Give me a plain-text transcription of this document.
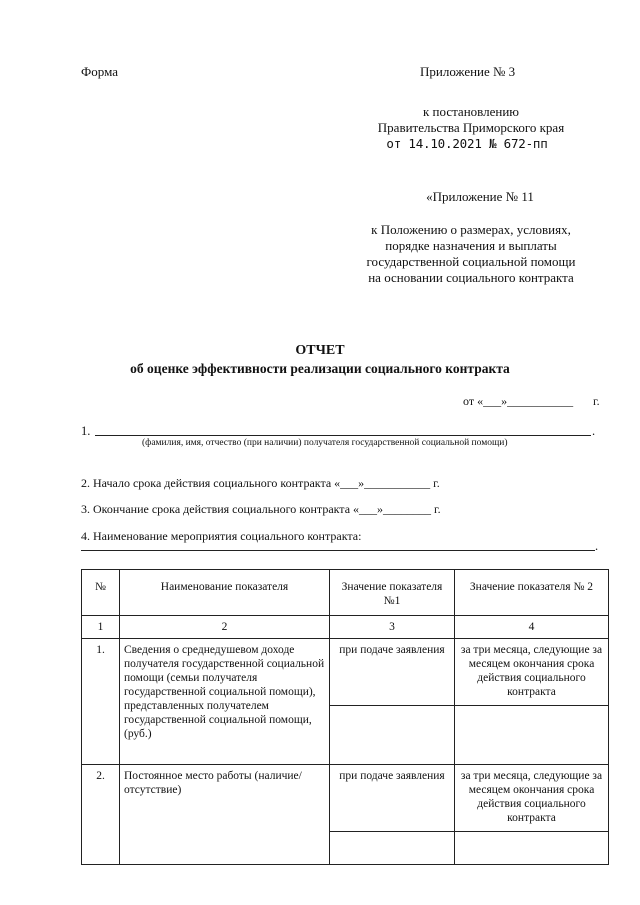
Форма	Приложение № 3
к постановлению
Правительства Приморского края
от 14.10.2021 № 672-пп
«Приложение № 11
к Положению о размерах, условиях,
порядке назначения и выплаты
государственной социальной помощи
на основании социального контракта
ОТЧЕТ
об оценке эффективности реализации социального контракта
от «___»___________ г.
1.	.
(фамилия, имя, отчество (при наличии) получателя государственной социальной помощи)
2. Начало срока действия социального контракта «___»___________ г.
3. Окончание срока действия социального контракта «___»________ г.
4. Наименование мероприятия социального контракта:
.
№	Наименование показателя	Значение показателя №1	Значение показателя № 2
1	2	3	4
1.	Сведения о среднедушевом доходе получателя государственной социальной помощи (семьи получателя государственной социальной помощи), представленных получателем государственной социальной помощи, (руб.)	при подаче заявления	за три месяца, следующие за месяцем окончания срока действия социального контракта

2.	Постоянное место работы (наличие/отсутствие)	при подаче заявления	за три месяца, следующие за месяцем окончания срока действия социального контракта
